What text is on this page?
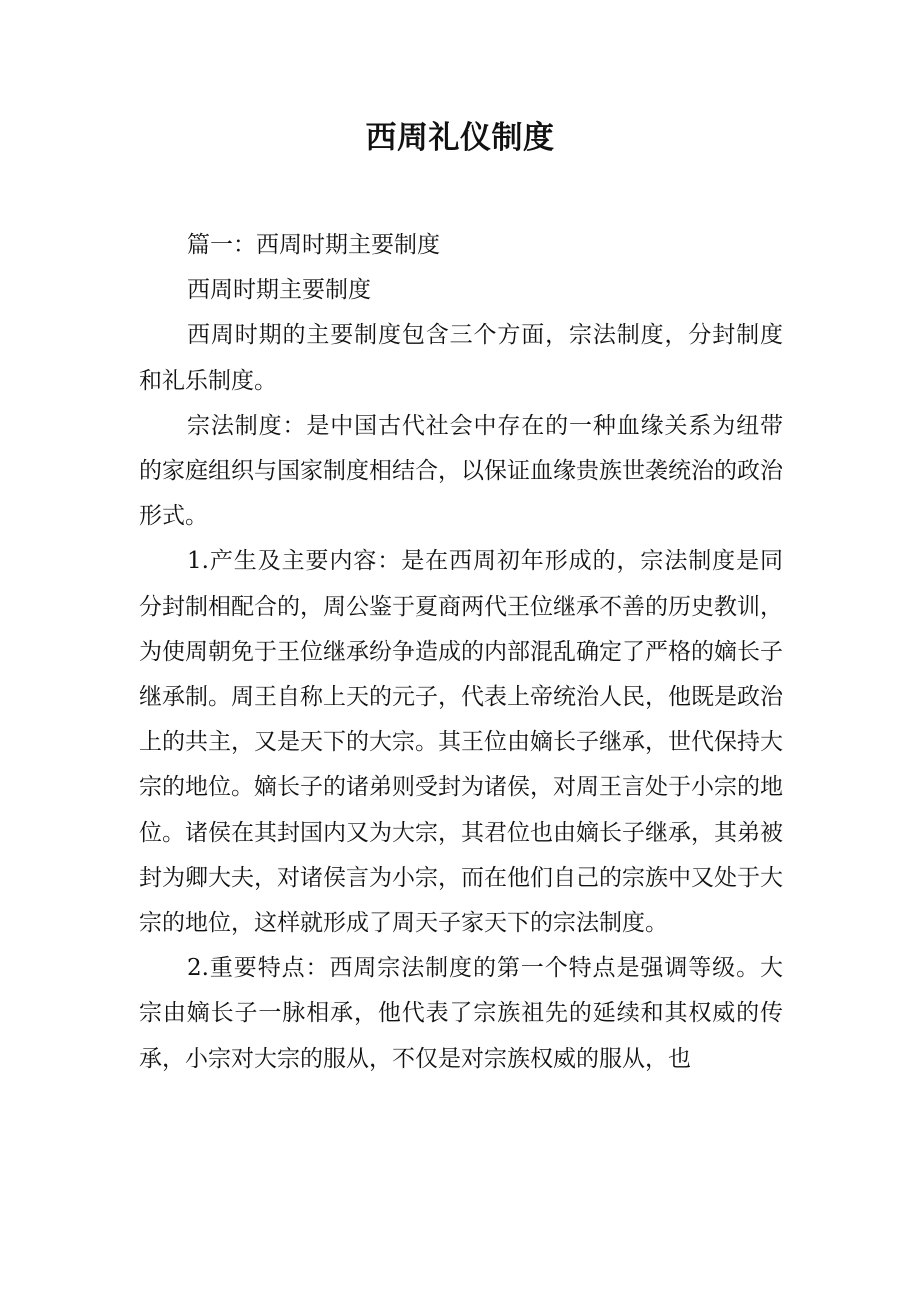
西周礼仪制度

篇一：西周时期主要制度

西周时期主要制度

西周时期的主要制度包含三个方面，宗法制度，分封制度和礼乐制度。

宗法制度：是中国古代社会中存在的一种血缘关系为纽带的家庭组织与国家制度相结合，以保证血缘贵族世袭统治的政治形式。

1.产生及主要内容：是在西周初年形成的，宗法制度是同分封制相配合的，周公鉴于夏商两代王位继承不善的历史教训，为使周朝免于王位继承纷争造成的内部混乱确定了严格的嫡长子继承制。周王自称上天的元子，代表上帝统治人民，他既是政治上的共主，又是天下的大宗。其王位由嫡长子继承，世代保持大宗的地位。嫡长子的诸弟则受封为诸侯，对周王言处于小宗的地位。诸侯在其封国内又为大宗，其君位也由嫡长子继承，其弟被封为卿大夫，对诸侯言为小宗，而在他们自己的宗族中又处于大宗的地位，这样就形成了周天子家天下的宗法制度。

2.重要特点：西周宗法制度的第一个特点是强调等级。大宗由嫡长子一脉相承，他代表了宗族祖先的延续和其权威的传承，小宗对大宗的服从，不仅是对宗族权威的服从，也
